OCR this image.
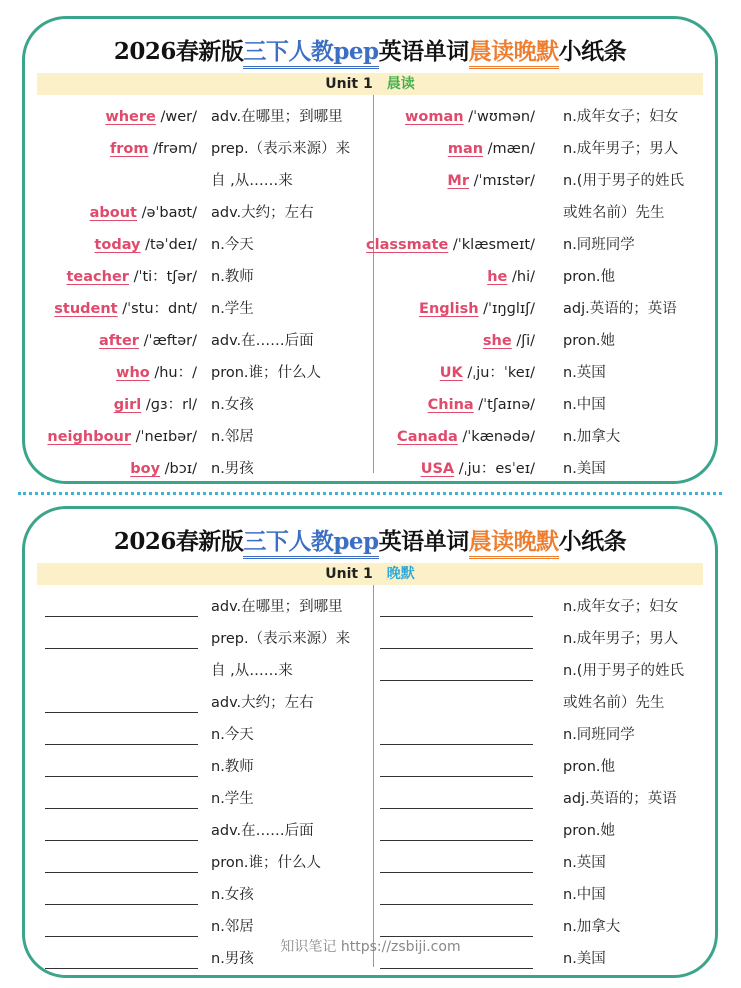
2026春新版三下人教pep英语单词晨读晚默小纸条
Unit 1 晨读
where /wer/ adv.在哪里；到哪里
from /frəm/ prep.（表示来源）来
自 ,从……来
about /əˈbaʊt/ adv.大约；左右
today /təˈdeɪ/ n.今天
teacher /ˈti：tʃər/ n.教师
student /ˈstu：dnt/ n.学生
after /ˈæftər/ adv.在……后面
who /hu：/ pron.谁；什么人
girl /ɡɜ：rl/ n.女孩
neighbour /ˈneɪbər/ n.邻居
boy /bɔɪ/ n.男孩
woman /ˈwʊmən/ n.成年女子；妇女
man /mæn/ n.成年男子；男人
Mr /ˈmɪstər/ n.(用于男子的姓氏
或姓名前）先生
classmate /ˈklæsmeɪt/ n.同班同学
he /hi/ pron.他
English /ˈɪŋɡlɪʃ/ adj.英语的；英语
she /ʃi/ pron.她
UK /ˌju：ˈkeɪ/ n.英国
China /ˈtʃaɪnə/ n.中国
Canada /ˈkænədə/ n.加拿大
USA /ˌju：esˈeɪ/ n.美国
2026春新版三下人教pep英语单词晨读晚默小纸条
Unit 1 晚默
adv.在哪里；到哪里
prep.（表示来源）来
自 ,从……来
adv.大约；左右
n.今天
n.教师
n.学生
adv.在……后面
pron.谁；什么人
n.女孩
n.邻居
n.男孩
n.成年女子；妇女
n.成年男子；男人
n.(用于男子的姓氏
或姓名前）先生
n.同班同学
pron.他
adj.英语的；英语
pron.她
n.英国
n.中国
n.加拿大
n.美国
知识笔记 https://zsbiji.com
